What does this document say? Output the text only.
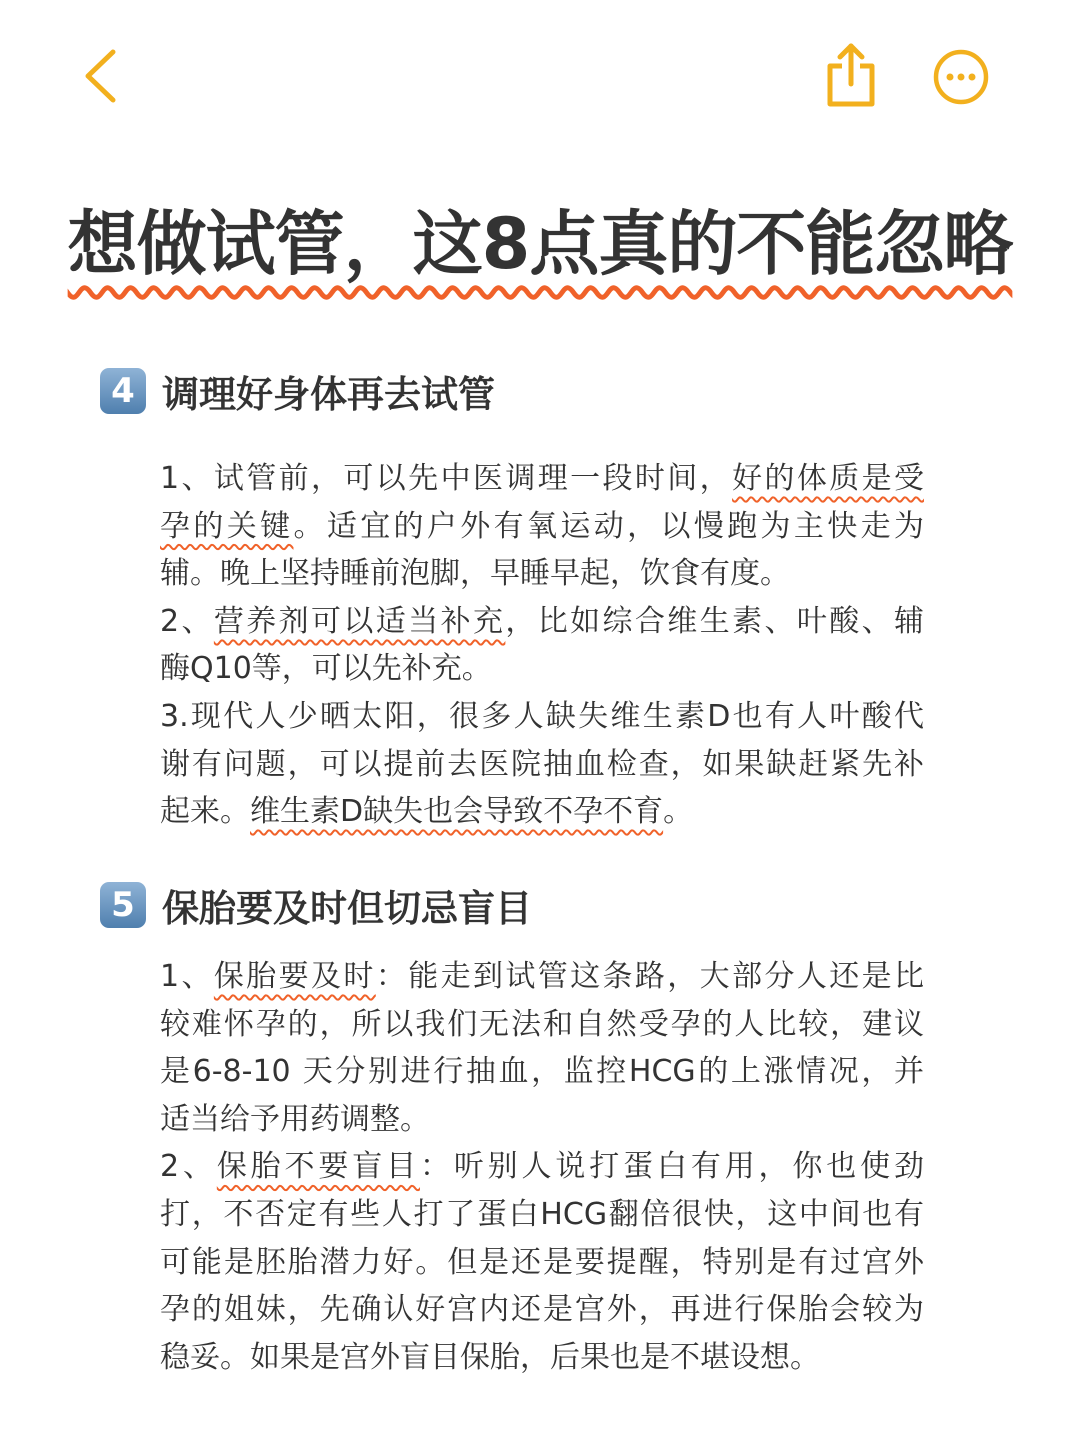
想做试管，这8点真的不能忽略
4 调理好身体再去试管
1、试管前，可以先中医调理一段时间，好的体质是受
孕的关键。适宜的户外有氧运动，以慢跑为主快走为
辅。晚上坚持睡前泡脚，早睡早起，饮食有度。
2、营养剂可以适当补充，比如综合维生素、叶酸、辅
酶Q10等，可以先补充。
3.现代人少晒太阳，很多人缺失维生素D也有人叶酸代
谢有问题，可以提前去医院抽血检查，如果缺赶紧先补
起来。维生素D缺失也会导致不孕不育。
5 保胎要及时但切忌盲目
1、保胎要及时：能走到试管这条路，大部分人还是比
较难怀孕的，所以我们无法和自然受孕的人比较，建议
是6-8-10 天分别进行抽血，监控HCG的上涨情况，并
适当给予用药调整。
2、保胎不要盲目：听别人说打蛋白有用，你也使劲
打，不否定有些人打了蛋白HCG翻倍很快，这中间也有
可能是胚胎潜力好。但是还是要提醒，特别是有过宫外
孕的姐妹，先确认好宫内还是宫外，再进行保胎会较为
稳妥。如果是宫外盲目保胎，后果也是不堪设想。
